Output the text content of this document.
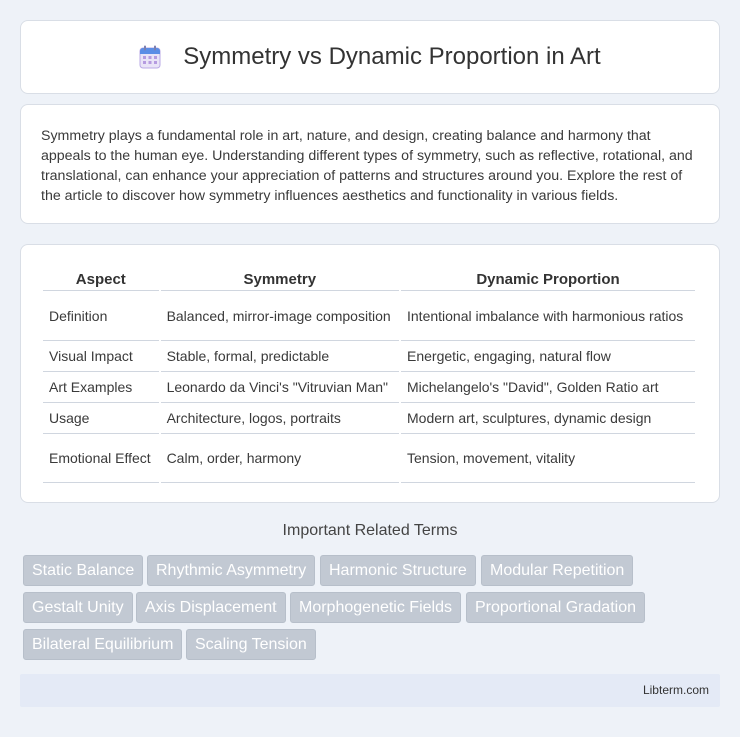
Symmetry vs Dynamic Proportion in Art

Symmetry plays a fundamental role in art, nature, and design, creating balance and harmony that appeals to the human eye. Understanding different types of symmetry, such as reflective, rotational, and translational, can enhance your appreciation of patterns and structures around you. Explore the rest of the article to discover how symmetry influences aesthetics and functionality in various fields.

Aspect	Symmetry	Dynamic Proportion
Definition	Balanced, mirror-image composition	Intentional imbalance with harmonious ratios
Visual Impact	Stable, formal, predictable	Energetic, engaging, natural flow
Art Examples	Leonardo da Vinci's "Vitruvian Man"	Michelangelo's "David", Golden Ratio art
Usage	Architecture, logos, portraits	Modern art, sculptures, dynamic design
Emotional Effect	Calm, order, harmony	Tension, movement, vitality
Important Related Terms
Static Balance	Rhythmic Asymmetry	Harmonic Structure	Modular Repetition
Gestalt Unity	Axis Displacement	Morphogenetic Fields	Proportional Gradation
Bilateral Equilibrium	Scaling Tension
Libterm.com
